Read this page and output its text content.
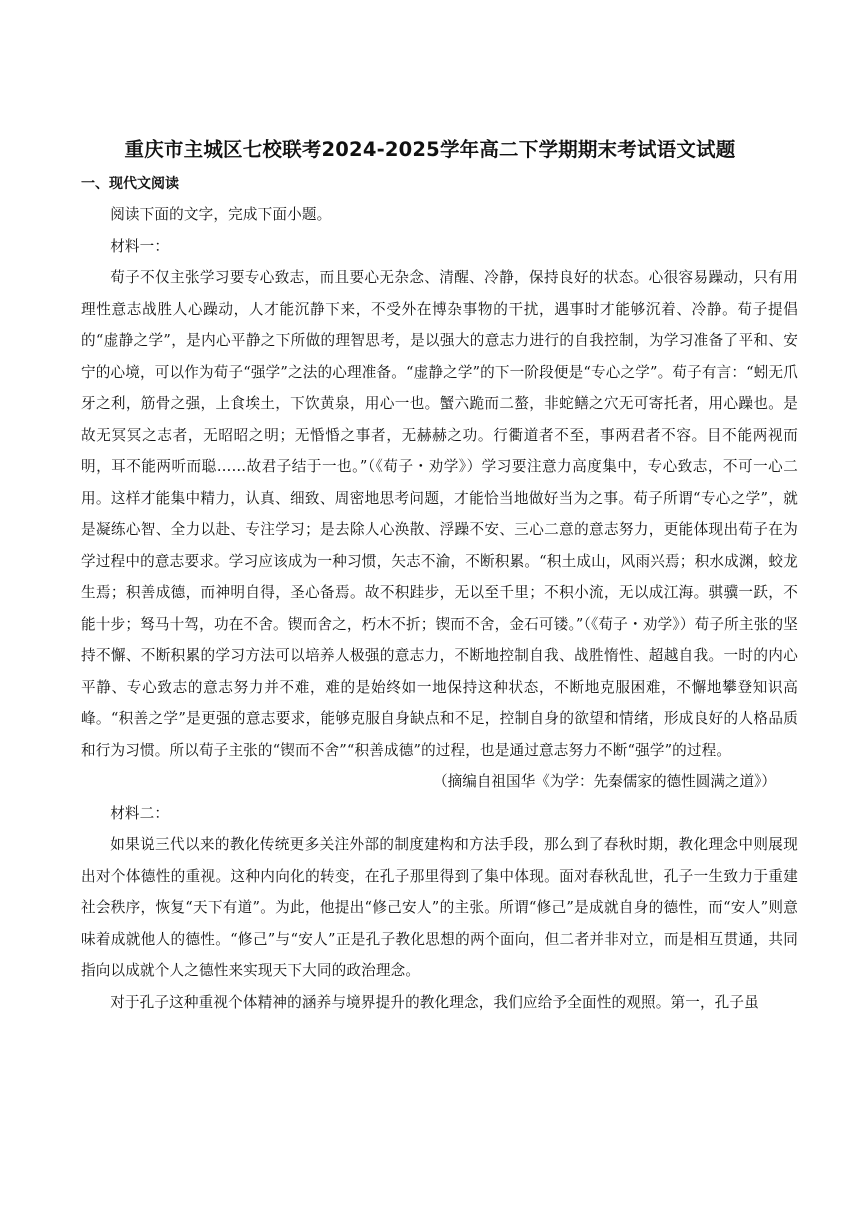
重庆市主城区七校联考2024-2025学年高二下学期期末考试语文试题
一、现代文阅读

阅读下面的文字，完成下面小题。

材料一：

荀子不仅主张学习要专心致志，而且要心无杂念、清醒、冷静，保持良好的状态。心很容易躁动，只有用理性意志战胜人心躁动，人才能沉静下来，不受外在博杂事物的干扰，遇事时才能够沉着、冷静。荀子提倡的“虚静之学”，是内心平静之下所做的理智思考，是以强大的意志力进行的自我控制，为学习准备了平和、安宁的心境，可以作为荀子“强学”之法的心理准备。“虚静之学”的下一阶段便是“专心之学”。荀子有言：“蚓无爪牙之利，筋骨之强，上食埃土，下饮黄泉，用心一也。蟹六跪而二螯，非蛇鳝之穴无可寄托者，用心躁也。是故无冥冥之志者，无昭昭之明；无惛惛之事者，无赫赫之功。行衢道者不至，事两君者不容。目不能两视而明，耳不能两听而聪……故君子结于一也。”（《荀子・劝学》）学习要注意力高度集中，专心致志，不可一心二用。这样才能集中精力，认真、细致、周密地思考问题，才能恰当地做好当为之事。荀子所谓“专心之学”，就是凝练心智、全力以赴、专注学习；是去除人心涣散、浮躁不安、三心二意的意志努力，更能体现出荀子在为学过程中的意志要求。学习应该成为一种习惯，矢志不渝，不断积累。“积土成山，风雨兴焉；积水成渊，蛟龙生焉；积善成德，而神明自得，圣心备焉。故不积跬步，无以至千里；不积小流，无以成江海。骐骥一跃，不能十步；驽马十驾，功在不舍。锲而舍之，朽木不折；锲而不舍，金石可镂。”（《荀子・劝学》）荀子所主张的坚持不懈、不断积累的学习方法可以培养人极强的意志力，不断地控制自我、战胜惰性、超越自我。一时的内心平静、专心致志的意志努力并不难，难的是始终如一地保持这种状态，不断地克服困难，不懈地攀登知识高峰。“积善之学”是更强的意志要求，能够克服自身缺点和不足，控制自身的欲望和情绪，形成良好的人格品质和行为习惯。所以荀子主张的“锲而不舍”“积善成德”的过程，也是通过意志努力不断“强学”的过程。

（摘编自祖国华《为学：先秦儒家的德性圆满之道》）

材料二：

如果说三代以来的教化传统更多关注外部的制度建构和方法手段，那么到了春秋时期，教化理念中则展现出对个体德性的重视。这种内向化的转变，在孔子那里得到了集中体现。面对春秋乱世，孔子一生致力于重建社会秩序，恢复“天下有道”。为此，他提出“修己安人”的主张。所谓“修己”是成就自身的德性，而“安人”则意味着成就他人的德性。“修己”与“安人”正是孔子教化思想的两个面向，但二者并非对立，而是相互贯通，共同指向以成就个人之德性来实现天下大同的政治理念。

对于孔子这种重视个体精神的涵养与境界提升的教化理念，我们应给予全面性的观照。第一，孔子虽
